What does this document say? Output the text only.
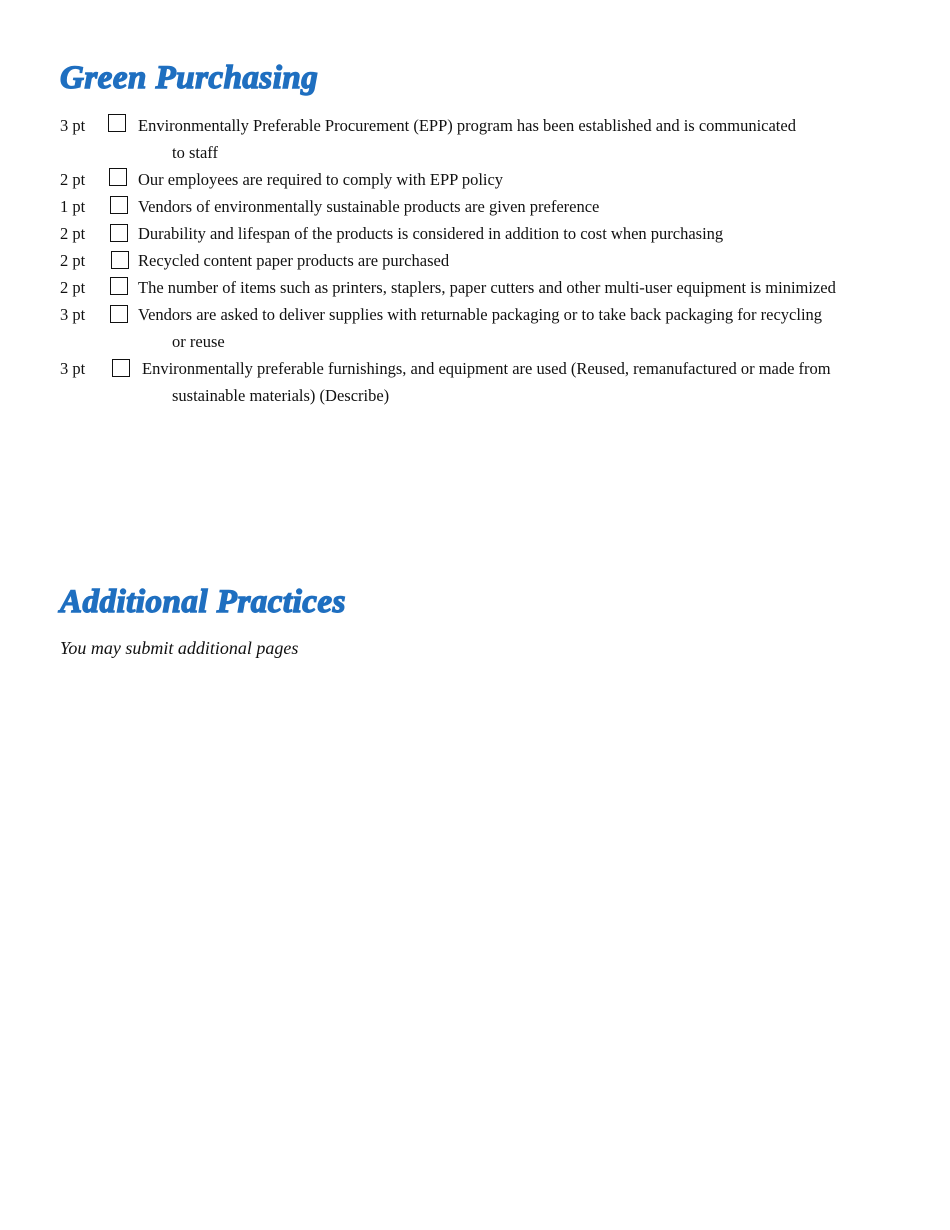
Green Purchasing
3 pt	Environmentally Preferable Procurement (EPP) program has been established and is communicated
to staff
2 pt	Our employees are required to comply with EPP policy
1 pt	Vendors of environmentally sustainable products are given preference
2 pt	Durability and lifespan of the products is considered in addition to cost when purchasing
2 pt	Recycled content paper products are purchased
2 pt	The number of items such as printers, staplers, paper cutters and other multi-user equipment is minimized
3 pt	Vendors are asked to deliver supplies with returnable packaging or to take back packaging for recycling
or reuse
3 pt	Environmentally preferable furnishings, and equipment are used (Reused, remanufactured or made from
sustainable materials) (Describe)
Additional Practices

You may submit additional pages
